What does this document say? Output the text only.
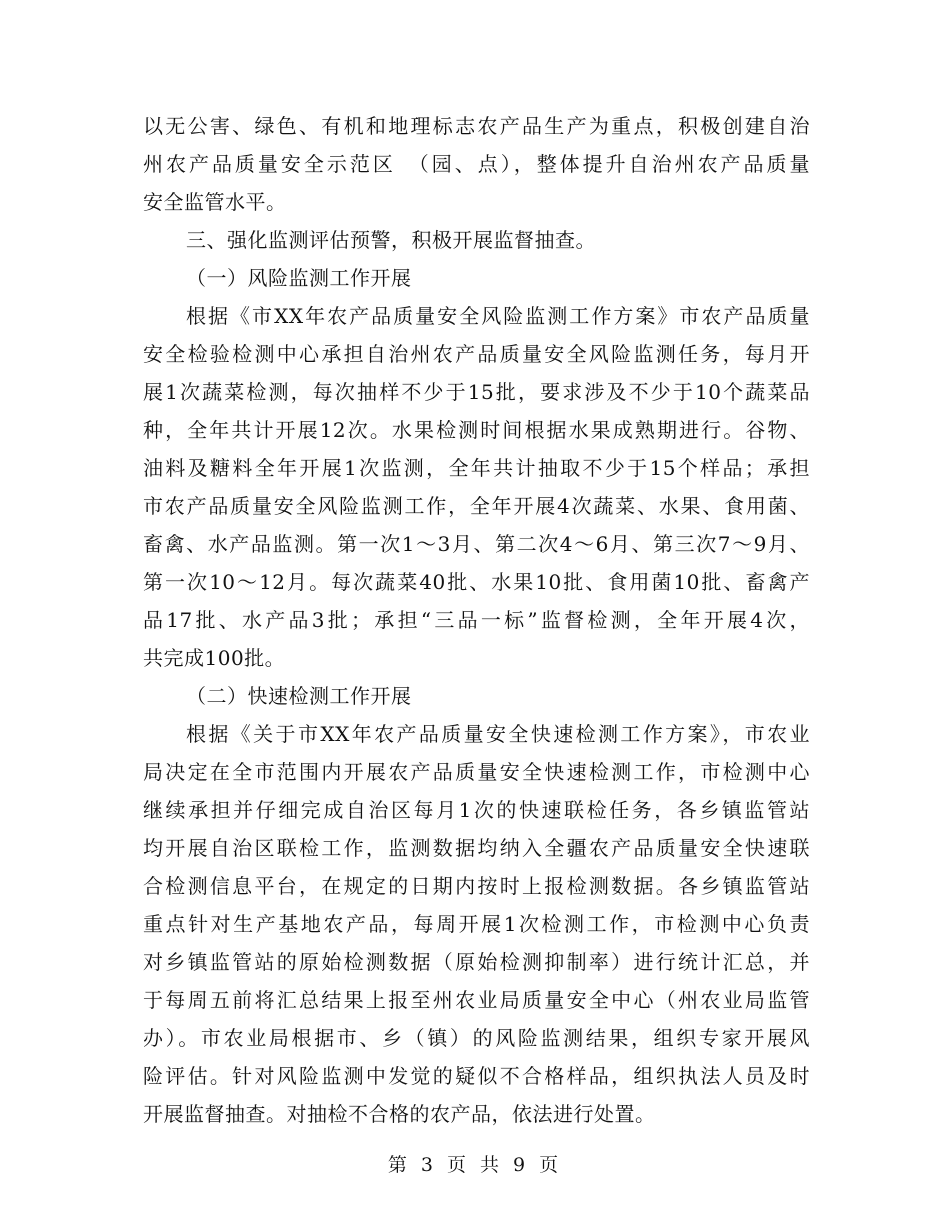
以无公害、绿色、有机和地理标志农产品生产为重点，积极创建自治
州农产品质量安全示范区　（园、点），整体提升自治州农产品质量
安全监管水平。
三、强化监测评估预警，积极开展监督抽查。
（一）风险监测工作开展
根据《市XX年农产品质量安全风险监测工作方案》市农产品质量
安全检验检测中心承担自治州农产品质量安全风险监测任务，每月开
展1次蔬菜检测，每次抽样不少于15批，要求涉及不少于10个蔬菜品
种，全年共计开展12次。水果检测时间根据水果成熟期进行。谷物、
油料及糖料全年开展1次监测，全年共计抽取不少于15个样品；承担
市农产品质量安全风险监测工作，全年开展4次蔬菜、水果、食用菌、
畜禽、水产品监测。第一次1～3月、第二次4～6月、第三次7～9月、
第一次10～12月。每次蔬菜40批、水果10批、食用菌10批、畜禽产
品17批、水产品3批；承担“三品一标”监督检测，全年开展4次，
共完成100批。
（二）快速检测工作开展
根据《关于市XX年农产品质量安全快速检测工作方案》，市农业
局决定在全市范围内开展农产品质量安全快速检测工作，市检测中心
继续承担并仔细完成自治区每月1次的快速联检任务，各乡镇监管站
均开展自治区联检工作，监测数据均纳入全疆农产品质量安全快速联
合检测信息平台，在规定的日期内按时上报检测数据。各乡镇监管站
重点针对生产基地农产品，每周开展1次检测工作，市检测中心负责
对乡镇监管站的原始检测数据（原始检测抑制率）进行统计汇总，并
于每周五前将汇总结果上报至州农业局质量安全中心（州农业局监管
办）。市农业局根据市、乡（镇）的风险监测结果，组织专家开展风
险评估。针对风险监测中发觉的疑似不合格样品，组织执法人员及时
开展监督抽查。对抽检不合格的农产品，依法进行处置。
第 3 页 共 9 页
